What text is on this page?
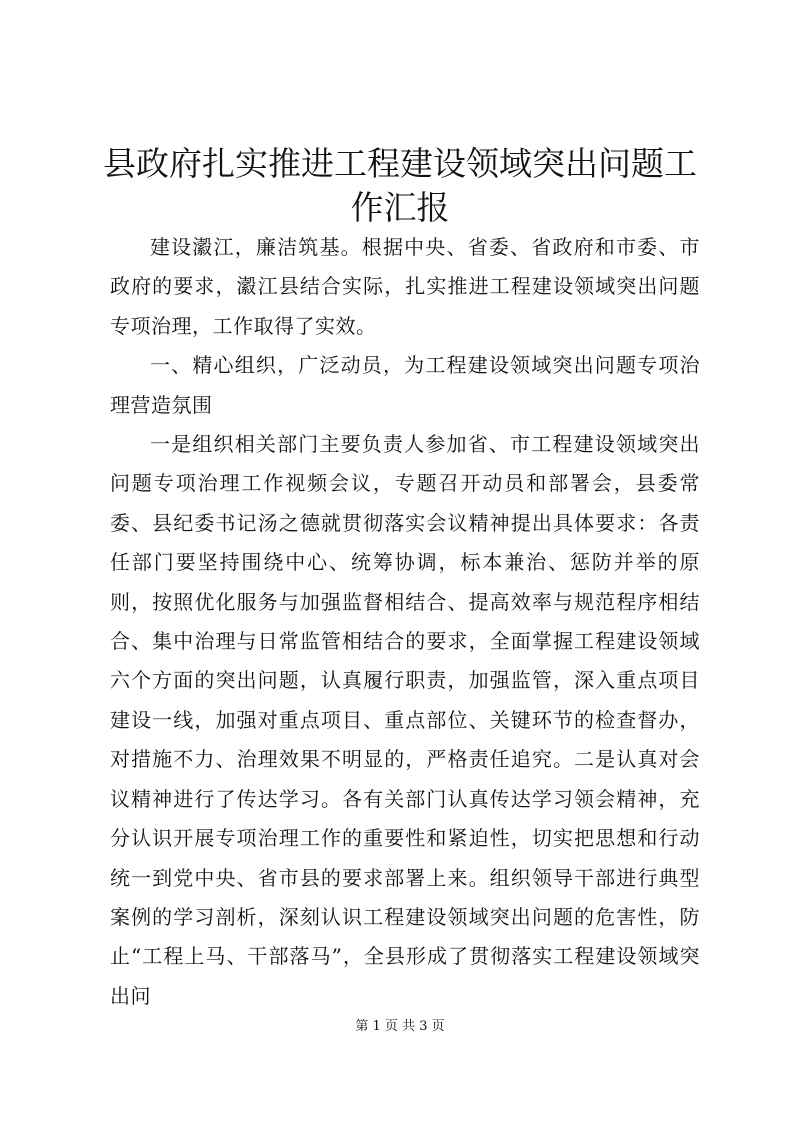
县政府扎实推进工程建设领域突出问题工作汇报

建设瀫江，廉洁筑基。根据中央、省委、省政府和市委、市政府的要求，瀫江县结合实际，扎实推进工程建设领域突出问题专项治理，工作取得了实效。

一、精心组织，广泛动员，为工程建设领域突出问题专项治理营造氛围

一是组织相关部门主要负责人参加省、市工程建设领域突出问题专项治理工作视频会议，专题召开动员和部署会，县委常委、县纪委书记汤之德就贯彻落实会议精神提出具体要求：各责任部门要坚持围绕中心、统筹协调，标本兼治、惩防并举的原则，按照优化服务与加强监督相结合、提高效率与规范程序相结合、集中治理与日常监管相结合的要求，全面掌握工程建设领域六个方面的突出问题，认真履行职责，加强监管，深入重点项目建设一线，加强对重点项目、重点部位、关键环节的检查督办，对措施不力、治理效果不明显的，严格责任追究。二是认真对会议精神进行了传达学习。各有关部门认真传达学习领会精神，充分认识开展专项治理工作的重要性和紧迫性，切实把思想和行动统一到党中央、省市县的要求部署上来。组织领导干部进行典型案例的学习剖析，深刻认识工程建设领域突出问题的危害性，防止“工程上马、干部落马”，全县形成了贯彻落实工程建设领域突出问

第 1 页 共 3 页
